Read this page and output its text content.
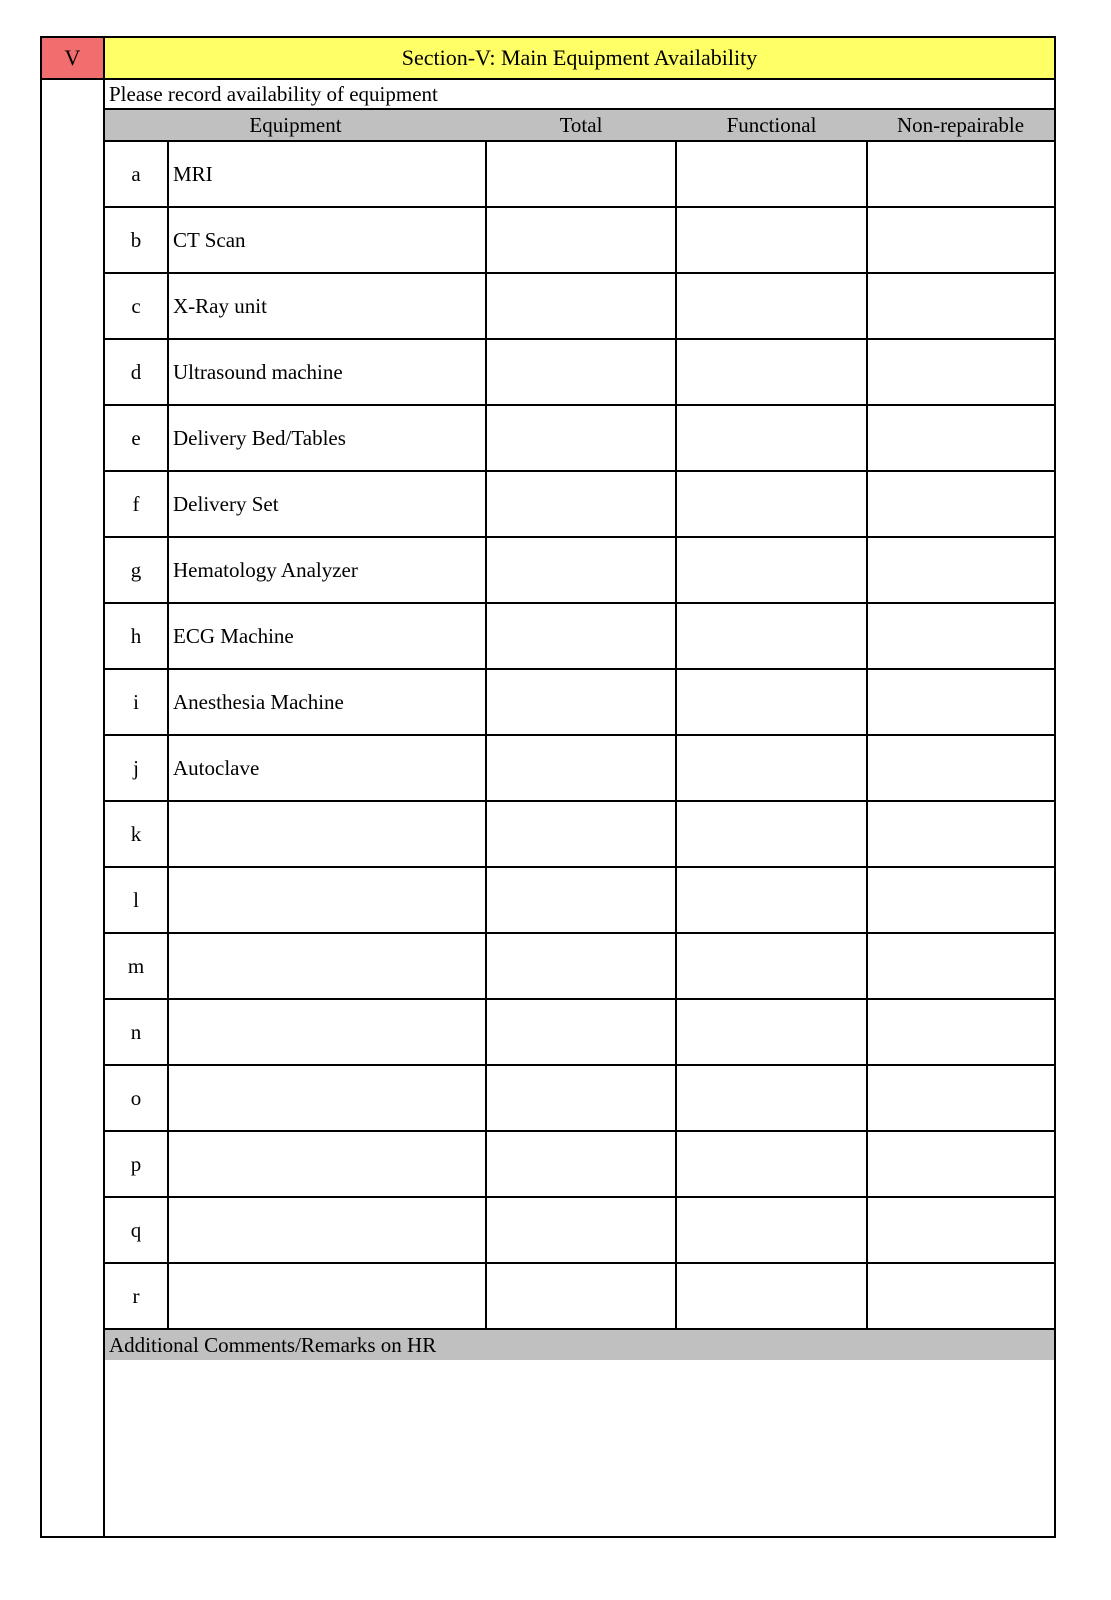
V	Section-V: Main Equipment Availability
Please record availability of equipment
Equipment		Total	Functional	Non-repairable
a	MRI			
b	CT Scan			
c	X-Ray unit			
d	Ultrasound machine			
e	Delivery Bed/Tables			
f	Delivery Set			
g	Hematology Analyzer			
h	ECG Machine			
i	Anesthesia Machine			
j	Autoclave			
k				
l				
m				
n				
o				
p				
q				
r				
Additional Comments/Remarks on HR
